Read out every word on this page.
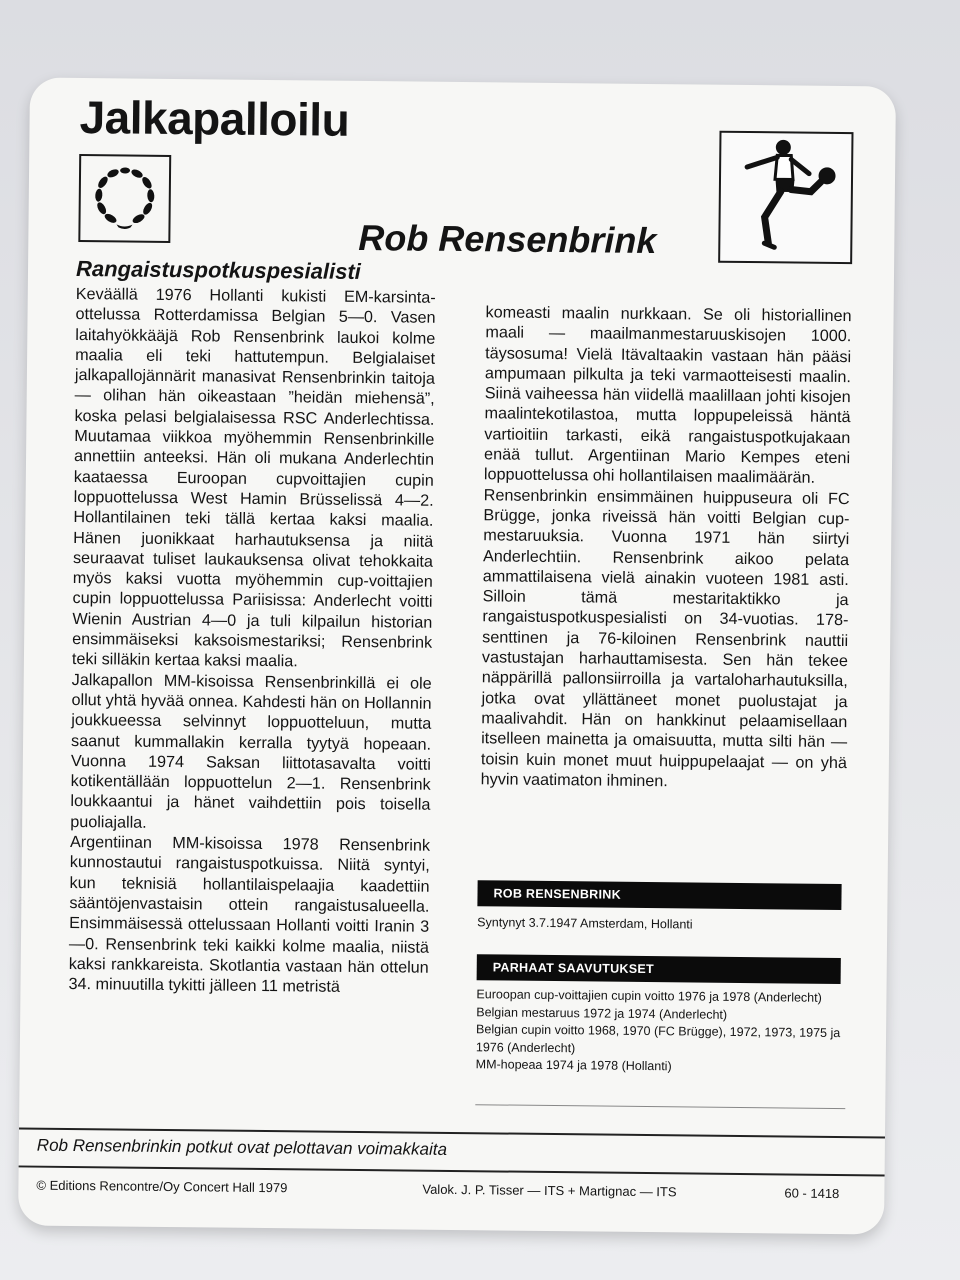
Jalkapalloilu
Rob Rensenbrink
Rangaistuspotkuspesialisti

Keväällä 1976 Hollanti kukisti EM-karsinta-ottelussa Rotterdamissa Belgian 5—0. Vasen laitahyökkääjä Rob Rensenbrink laukoi kolme maalia eli teki hattutempun. Belgialaiset jalkapallojännärit manasivat Rensenbrinkin taitoja — olihan hän oikeastaan ”heidän miehensä”, koska pelasi belgialaisessa RSC Anderlechtissa. Muutamaa viikkoa myöhemmin Rensenbrinkille annettiin anteeksi. Hän oli mukana Anderlechtin kaataessa Euroopan cupvoittajien cupin loppuottelussa West Hamin Brüsselissä 4—2. Hollantilainen teki tällä kertaa kaksi maalia. Hänen juonikkaat harhautuksensa ja niitä seuraavat tuliset laukauksensa olivat tehokkaita myös kaksi vuotta myöhemmin cup-voittajien cupin loppuottelussa Pariisissa: Anderlecht voitti Wienin Austrian 4—0 ja tuli kilpailun historian ensimmäiseksi kaksoismestariksi; Rensenbrink teki silläkin kertaa kaksi maalia.

Jalkapallon MM-kisoissa Rensenbrinkillä ei ole ollut yhtä hyvää onnea. Kahdesti hän on Hollannin joukkueessa selvinnyt loppuotteluun, mutta saanut kummallakin kerralla tyytyä hopeaan. Vuonna 1974 Saksan liittotasavalta voitti kotikentällään loppuottelun 2—1. Rensenbrink loukkaantui ja hänet vaihdettiin pois toisella puoliajalla.

Argentiinan MM-kisoissa 1978 Rensenbrink kunnostautui rangaistuspotkuissa. Niitä syntyi, kun teknisiä hollantilaispelaajia kaadettiin sääntöjenvastaisin ottein rangaistusalueella. Ensimmäisessä ottelussaan Hollanti voitti Iranin 3—0. Rensenbrink teki kaikki kolme maalia, niistä kaksi rankkareista. Skotlantia vastaan hän ottelun 34. minuutilla tykitti jälleen 11 metristä

komeasti maalin nurkkaan. Se oli historiallinen maali — maailmanmestaruuskisojen 1000. täysosuma! Vielä Itävaltaakin vastaan hän pääsi ampumaan pilkulta ja teki varmaotteisesti maalin. Siinä vaiheessa hän viidellä maalillaan johti kisojen maalintekotilastoa, mutta loppupeleissä häntä vartioitiin tarkasti, eikä rangaistuspotkujakaan enää tullut. Argentiinan Mario Kempes eteni loppuottelussa ohi hollantilaisen maalimäärän.

Rensenbrinkin ensimmäinen huippuseura oli FC Brügge, jonka riveissä hän voitti Belgian cup-mestaruuksia. Vuonna 1971 hän siirtyi Anderlechtiin. Rensenbrink aikoo pelata ammattilaisena vielä ainakin vuoteen 1981 asti. Silloin tämä mestaritaktikko ja rangaistuspotkuspesialisti on 34-vuotias. 178-senttinen ja 76-kiloinen Rensenbrink nauttii vastustajan harhauttamisesta. Sen hän tekee näppärillä pallonsiirroilla ja vartaloharhautuksilla, jotka ovat yllättäneet monet puolustajat ja maalivahdit. Hän on hankkinut pelaamisellaan itselleen mainetta ja omaisuutta, mutta silti hän — toisin kuin monet muut huippupelaajat — on yhä hyvin vaatimaton ihminen.

ROB RENSENBRINK

Syntynyt 3.7.1947 Amsterdam, Hollanti

PARHAAT SAAVUTUKSET

Euroopan cup-voittajien cupin voitto 1976 ja 1978 (Anderlecht)

Belgian mestaruus 1972 ja 1974 (Anderlecht)

Belgian cupin voitto 1968, 1970 (FC Brügge), 1972, 1973, 1975 ja 1976 (Anderlecht)

MM-hopeaa 1974 ja 1978 (Hollanti)

Rob Rensenbrinkin potkut ovat pelottavan voimakkaita

© Editions Rencontre/Oy Concert Hall 1979	Valok. J. P. Tisser — ITS + Martignac — ITS	60 - 1418
